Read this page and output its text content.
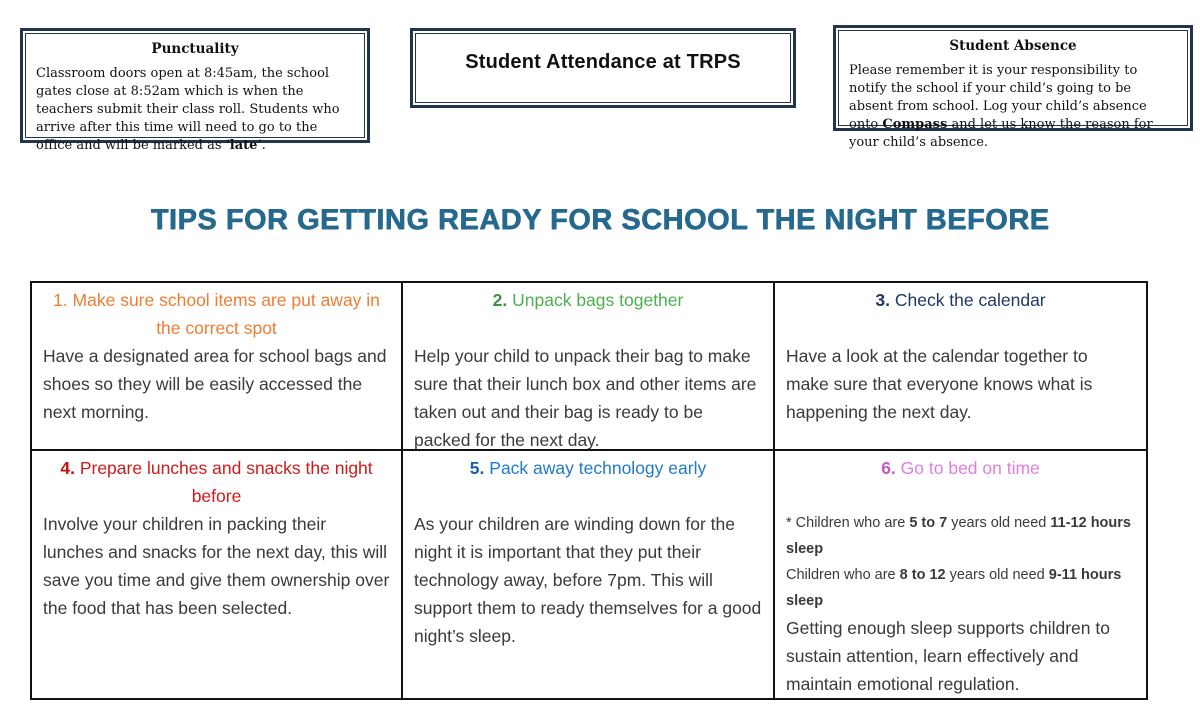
Punctuality

Classroom doors open at 8:45am, the school gates close at 8:52am which is when the teachers submit their class roll. Students who arrive after this time will need to go to the office and will be marked as ‘late’.

Student Attendance at TRPS
Student Absence

Please remember it is your responsibility to notify the school if your child’s going to be absent from school. Log your child’s absence onto Compass and let us know the reason for your child’s absence.

TIPS FOR GETTING READY FOR SCHOOL THE NIGHT BEFORE
1. Make sure school items are put away in the correct spot

Have a designated area for school bags and shoes so they will be easily accessed the next morning.

2. Unpack bags together

Help your child to unpack their bag to make sure that their lunch box and other items are taken out and their bag is ready to be packed for the next day.

3. Check the calendar

Have a look at the calendar together to make sure that everyone knows what is happening the next day.

4. Prepare lunches and snacks the night before

Involve your children in packing their lunches and snacks for the next day, this will save you time and give them ownership over the food that has been selected.

5. Pack away technology early

As your children are winding down for the night it is important that they put their technology away, before 7pm. This will support them to ready themselves for a good night’s sleep.

6. Go to bed on time

* Children who are 5 to 7 years old need 11-12 hours sleep

Children who are 8 to 12 years old need 9-11 hours sleep

Getting enough sleep supports children to sustain attention, learn effectively and maintain emotional regulation.
